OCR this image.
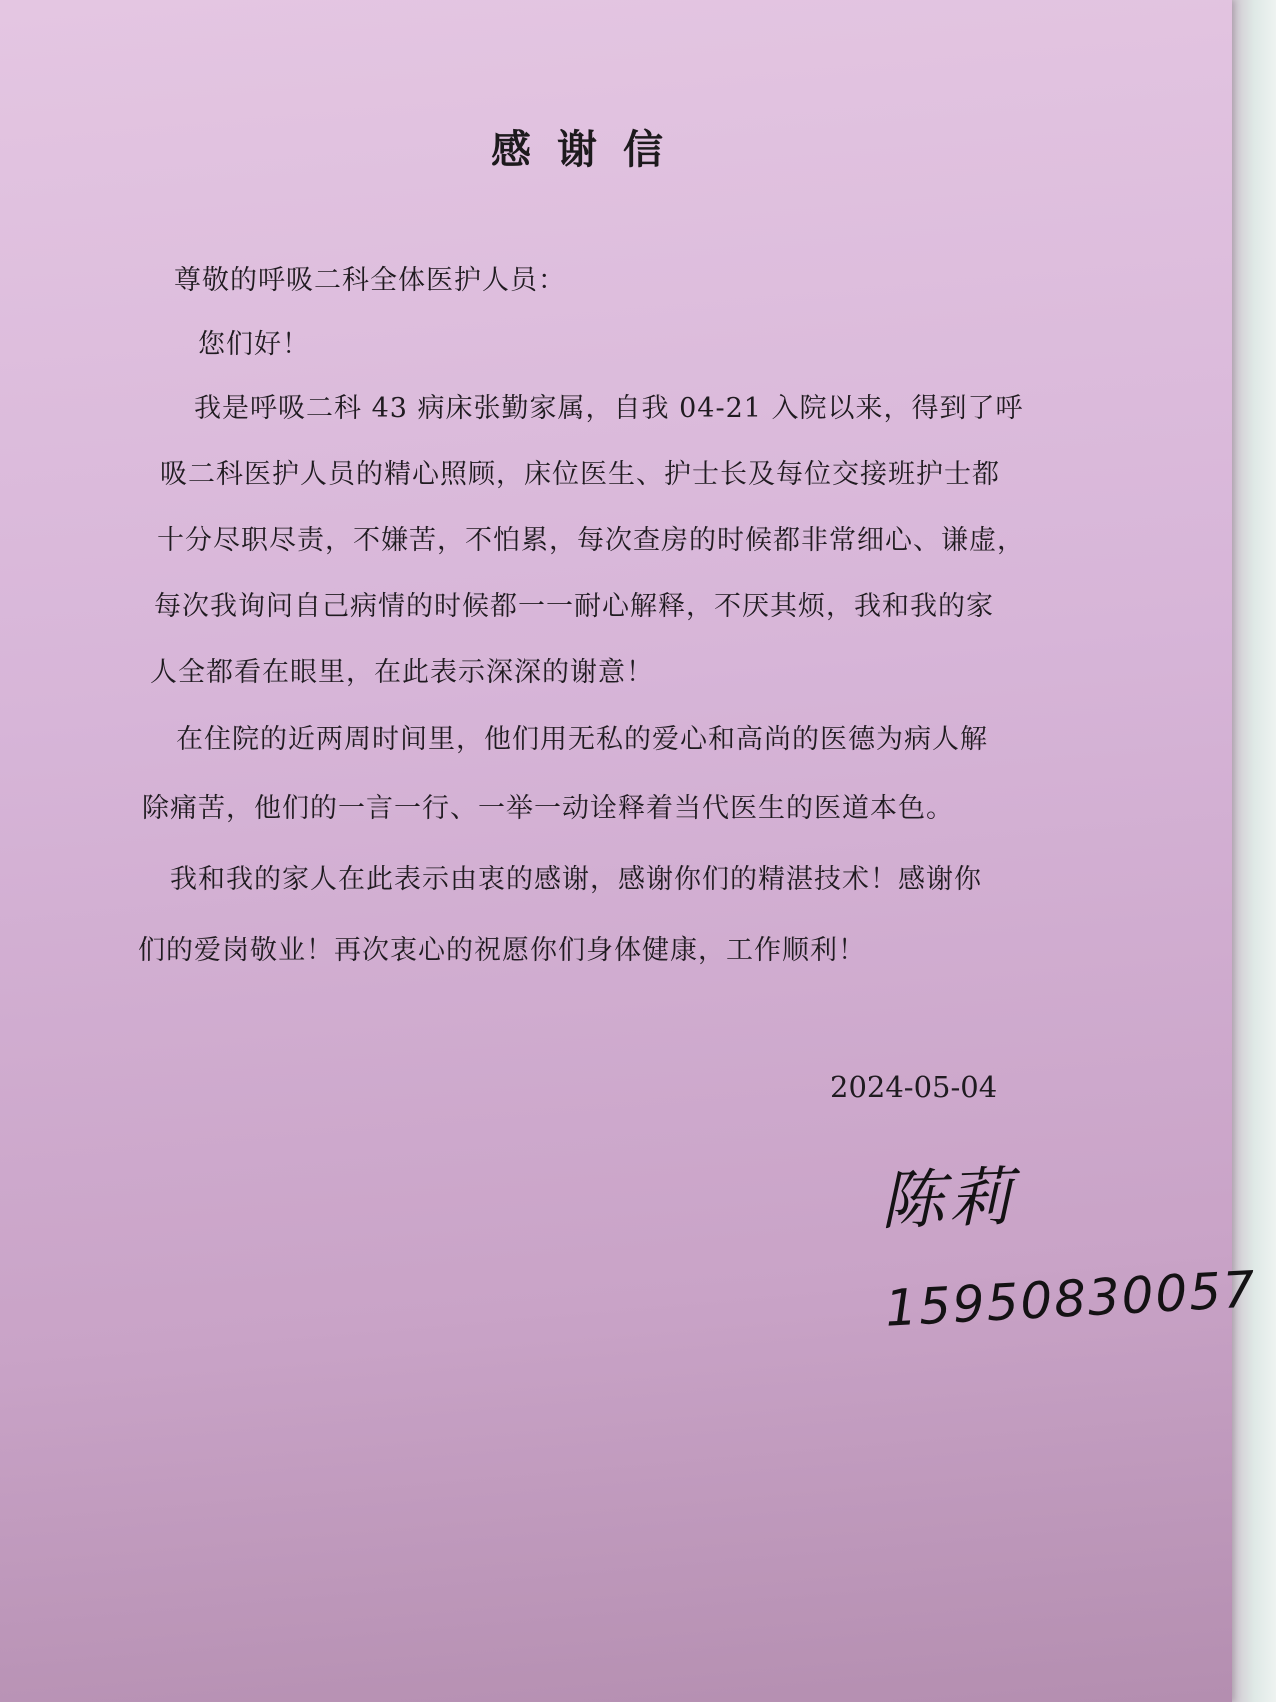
感谢信
尊敬的呼吸二科全体医护人员：
您们好！
我是呼吸二科 43 病床张勤家属，自我 04-21 入院以来，得到了呼
吸二科医护人员的精心照顾，床位医生、护士长及每位交接班护士都
十分尽职尽责，不嫌苦，不怕累，每次查房的时候都非常细心、谦虚，
每次我询问自己病情的时候都一一耐心解释，不厌其烦，我和我的家
人全都看在眼里，在此表示深深的谢意！
在住院的近两周时间里，他们用无私的爱心和高尚的医德为病人解
除痛苦，他们的一言一行、一举一动诠释着当代医生的医道本色。
我和我的家人在此表示由衷的感谢，感谢你们的精湛技术！感谢你
们的爱岗敬业！再次衷心的祝愿你们身体健康，工作顺利！
2024-05-04
陈莉
15950830057
